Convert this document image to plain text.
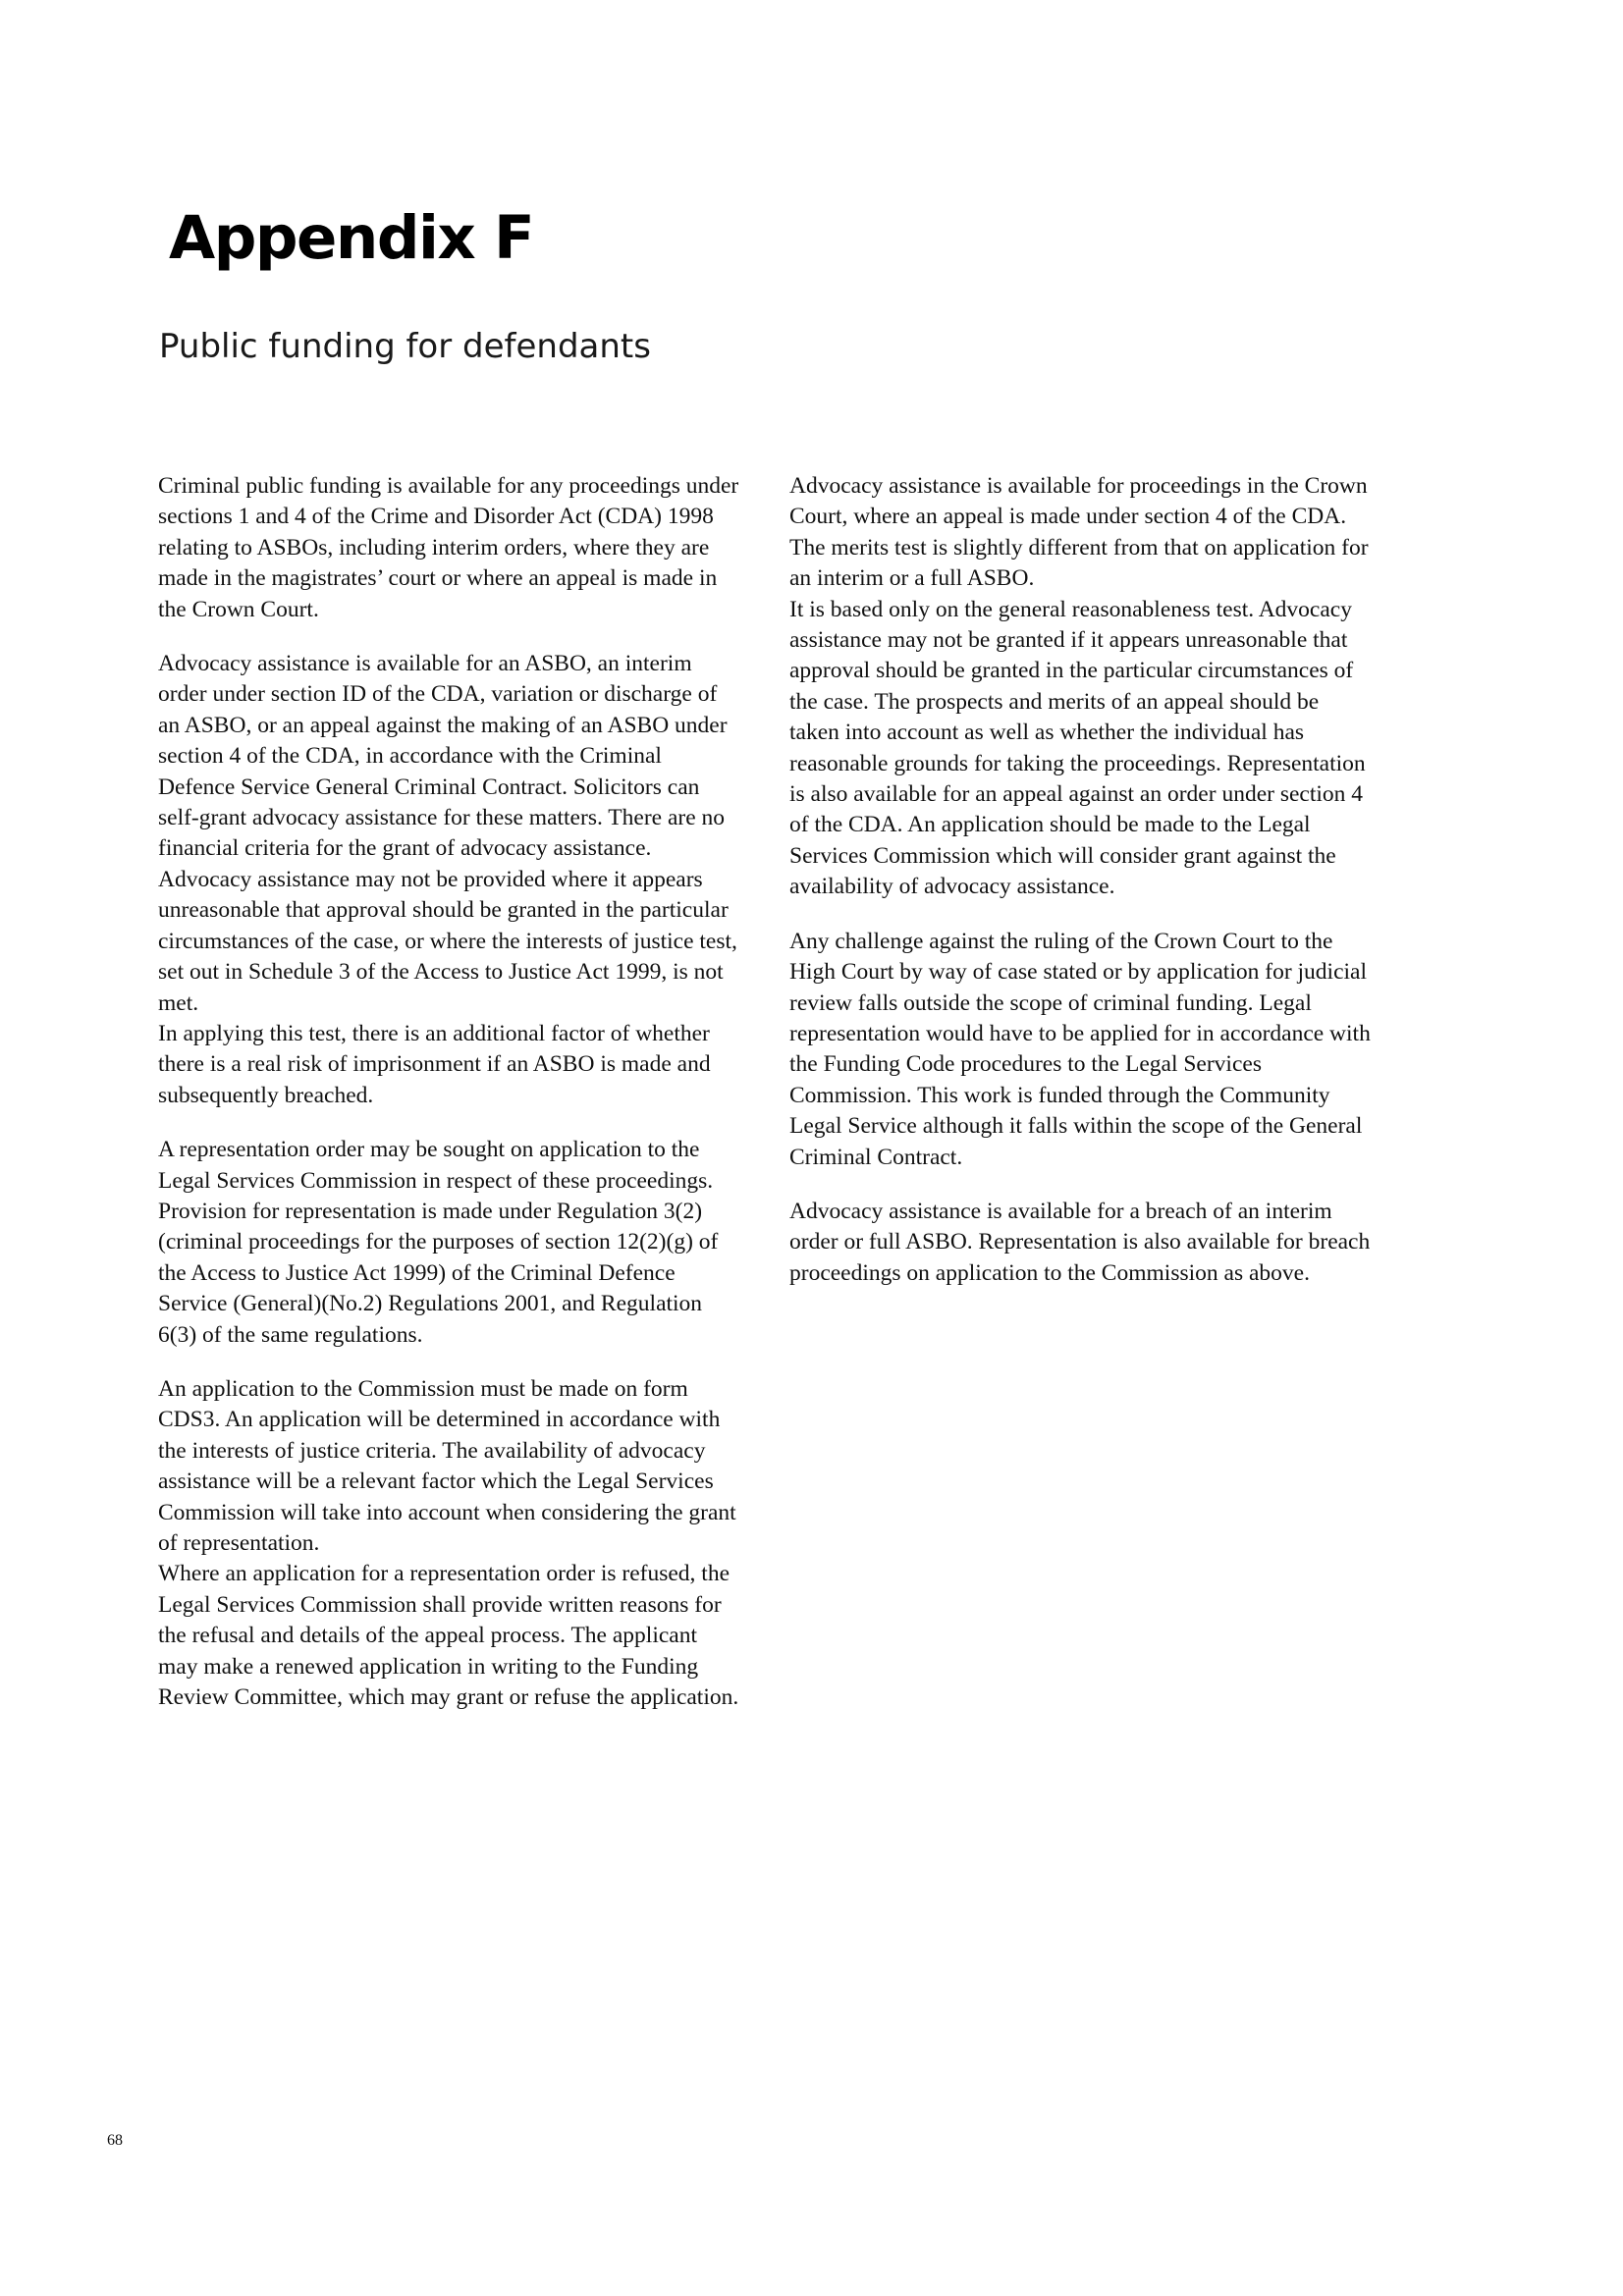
Appendix F
Public funding for defendants

Criminal public funding is available for any proceedings under sections 1 and 4 of the Crime and Disorder Act (CDA) 1998 relating to ASBOs, including interim orders, where they are made in the magistrates’ court or where an appeal is made in the Crown Court.

Advocacy assistance is available for an ASBO, an interim order under section ID of the CDA, variation or discharge of an ASBO, or an appeal against the making of an ASBO under section 4 of the CDA, in accordance with the Criminal Defence Service General Criminal Contract. Solicitors can self-grant advocacy assistance for these matters. There are no financial criteria for the grant of advocacy assistance. Advocacy assistance may not be provided where it appears unreasonable that approval should be granted in the particular circumstances of the case, or where the interests of justice test, set out in Schedule 3 of the Access to Justice Act 1999, is not met.
In applying this test, there is an additional factor of whether there is a real risk of imprisonment if an ASBO is made and subsequently breached.

A representation order may be sought on application to the Legal Services Commission in respect of these proceedings. Provision for representation is made under Regulation 3(2) (criminal proceedings for the purposes of section 12(2)(g) of the Access to Justice Act 1999) of the Criminal Defence Service (General)(No.2) Regulations 2001, and Regulation 6(3) of the same regulations.

An application to the Commission must be made on form CDS3. An application will be determined in accordance with the interests of justice criteria. The availability of advocacy assistance will be a relevant factor which the Legal Services Commission will take into account when considering the grant of representation.
Where an application for a representation order is refused, the Legal Services Commission shall provide written reasons for the refusal and details of the appeal process. The applicant may make a renewed application in writing to the Funding Review Committee, which may grant or refuse the application.

Advocacy assistance is available for proceedings in the Crown Court, where an appeal is made under section 4 of the CDA. The merits test is slightly different from that on application for an interim or a full ASBO.
It is based only on the general reasonableness test. Advocacy assistance may not be granted if it appears unreasonable that approval should be granted in the particular circumstances of the case. The prospects and merits of an appeal should be taken into account as well as whether the individual has reasonable grounds for taking the proceedings. Representation is also available for an appeal against an order under section 4 of the CDA. An application should be made to the Legal Services Commission which will consider grant against the availability of advocacy assistance.

Any challenge against the ruling of the Crown Court to the High Court by way of case stated or by application for judicial review falls outside the scope of criminal funding. Legal representation would have to be applied for in accordance with the Funding Code procedures to the Legal Services Commission. This work is funded through the Community Legal Service although it falls within the scope of the General Criminal Contract.

Advocacy assistance is available for a breach of an interim order or full ASBO. Representation is also available for breach proceedings on application to the Commission as above.

68
